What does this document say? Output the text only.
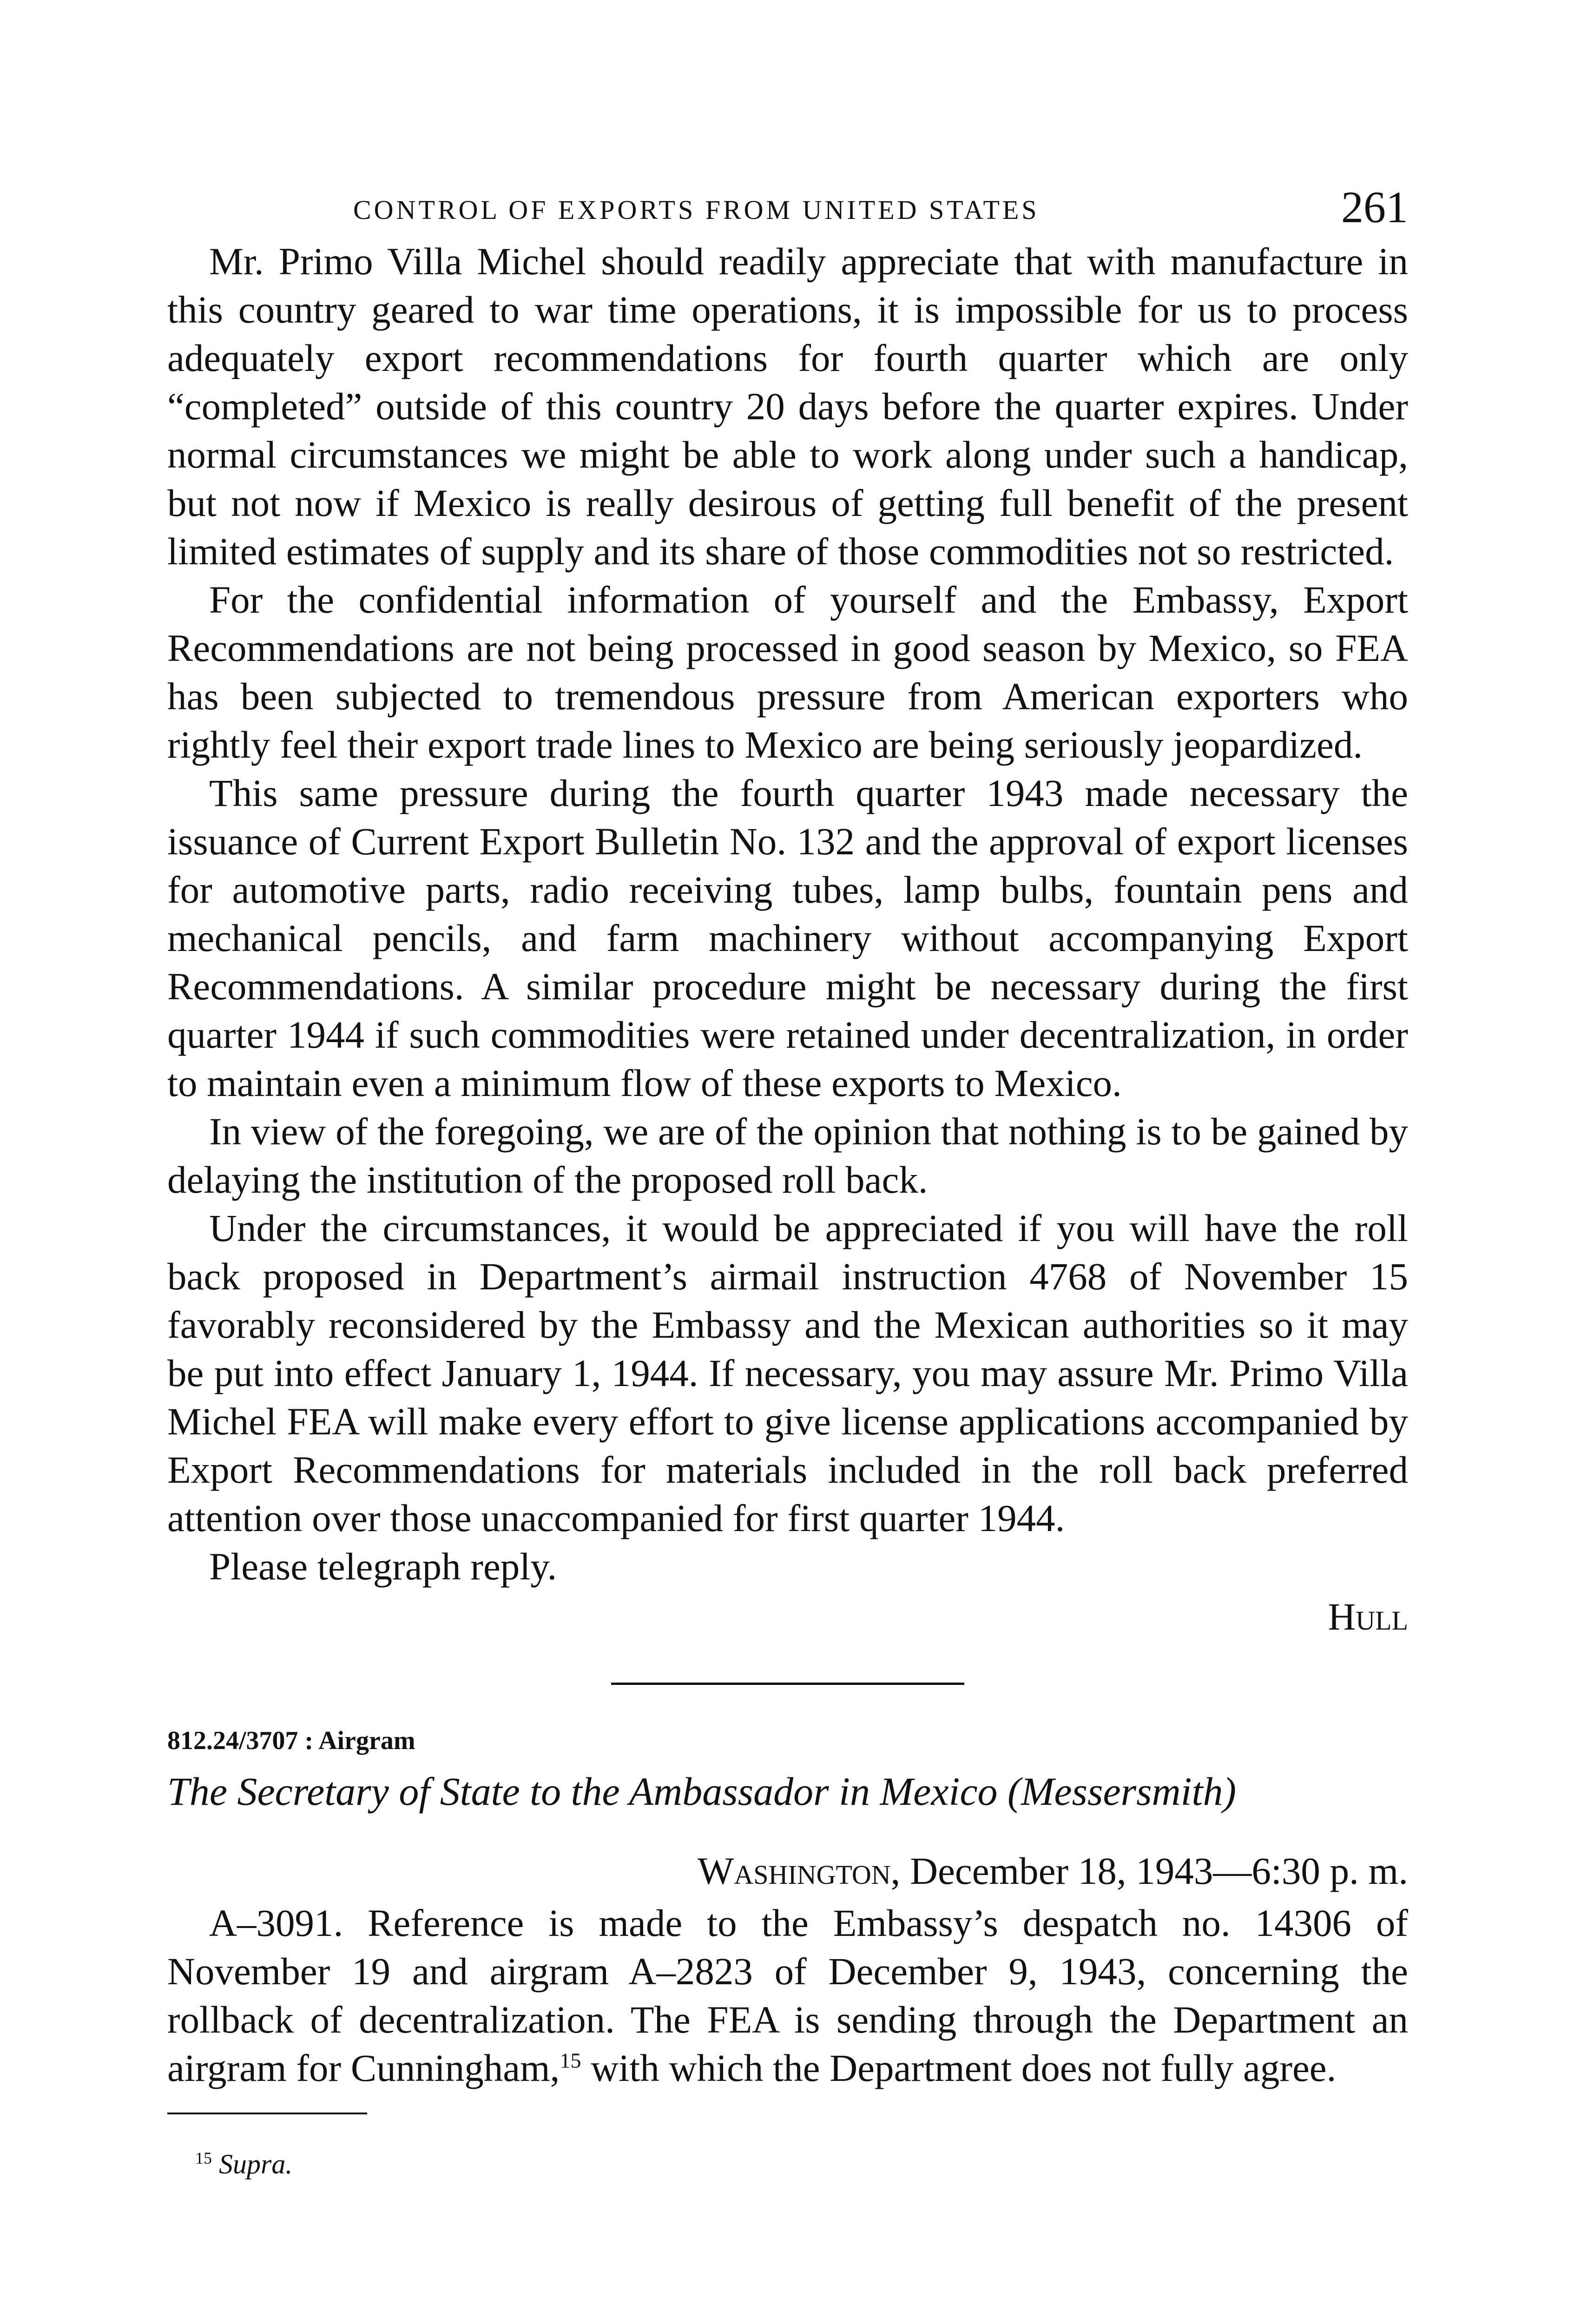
CONTROL OF EXPORTS FROM UNITED STATES	261

Mr. Primo Villa Michel should readily appreciate that with manufacture in this country geared to war time operations, it is impossible for us to process adequately export recommendations for fourth quarter which are only “completed” outside of this country 20 days before the quarter expires. Under normal circumstances we might be able to work along under such a handicap, but not now if Mexico is really desirous of getting full benefit of the present limited estimates of supply and its share of those commodities not so restricted.

For the confidential information of yourself and the Embassy, Export Recommendations are not being processed in good season by Mexico, so FEA has been subjected to tremendous pressure from American exporters who rightly feel their export trade lines to Mexico are being seriously jeopardized.

This same pressure during the fourth quarter 1943 made necessary the issuance of Current Export Bulletin No. 132 and the approval of export licenses for automotive parts, radio receiving tubes, lamp bulbs, fountain pens and mechanical pencils, and farm machinery without accompanying Export Recommendations. A similar procedure might be necessary during the first quarter 1944 if such commodities were retained under decentralization, in order to maintain even a minimum flow of these exports to Mexico.

In view of the foregoing, we are of the opinion that nothing is to be gained by delaying the institution of the proposed roll back.

Under the circumstances, it would be appreciated if you will have the roll back proposed in Department’s airmail instruction 4768 of November 15 favorably reconsidered by the Embassy and the Mexican authorities so it may be put into effect January 1, 1944. If necessary, you may assure Mr. Primo Villa Michel FEA will make every effort to give license applications accompanied by Export Recommendations for materials included in the roll back preferred attention over those unaccompanied for first quarter 1944.

Please telegraph reply.

Hull
812.24/3707 : Airgram
The Secretary of State to the Ambassador in Mexico (Messersmith)
Washington, December 18, 1943—6:30 p. m.

A–3091. Reference is made to the Embassy’s despatch no. 14306 of November 19 and airgram A–2823 of December 9, 1943, concerning the rollback of decentralization. The FEA is sending through the Department an airgram for Cunningham,$^{15}$ with which the Department does not fully agree.

$^{15}$ Supra.
